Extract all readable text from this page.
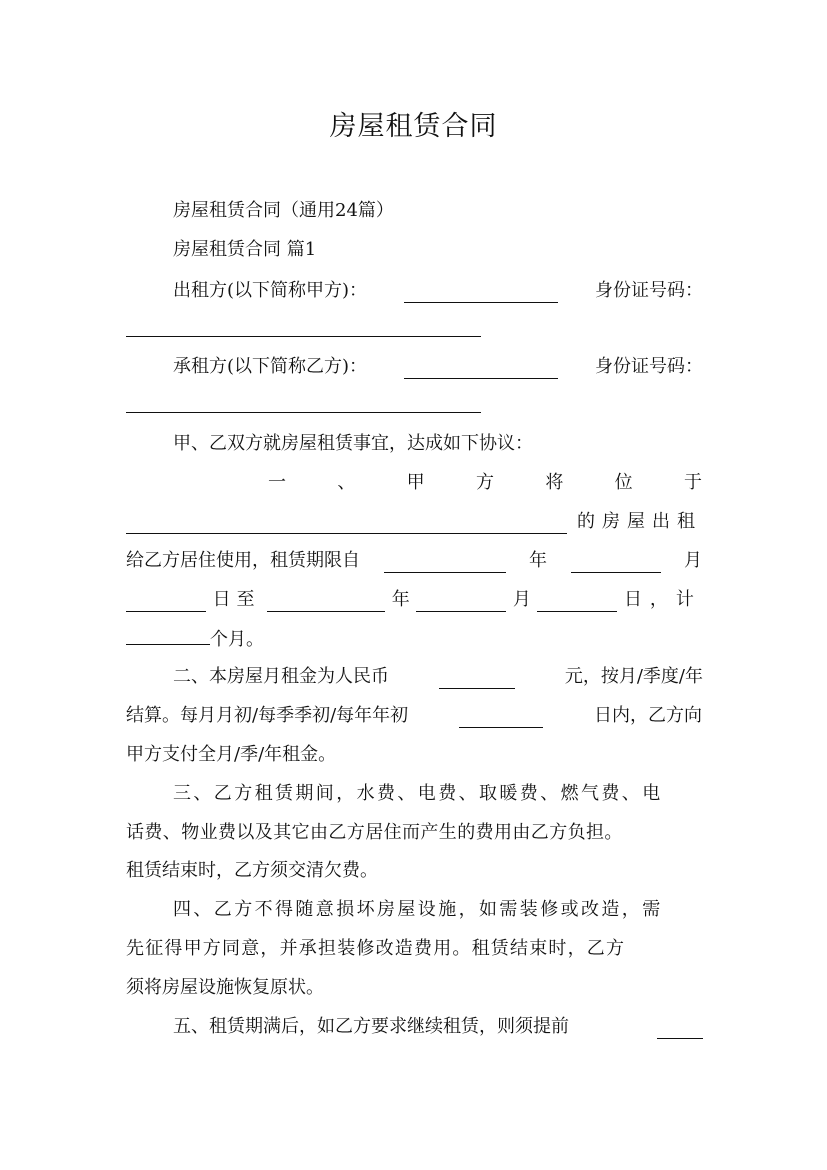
房屋租赁合同
房屋租赁合同（通用24篇）
房屋租赁合同 篇1
出租方(以下简称甲方)：	身份证号码：
承租方(以下简称乙方)：	身份证号码：
甲、乙双方就房屋租赁事宜，达成如下协议：
一	、	甲	方	将	位	于
的房屋出租
给乙方居住使用，租赁期限自	年	月
日至	年	月	日，计
个月。
二、本房屋月租金为人民币	元，按月/季度/年
结算。每月月初/每季季初/每年年初	日内，乙方向
甲方支付全月/季/年租金。
三、乙方租赁期间，水费、电费、取暖费、燃气费、电
话费、物业费以及其它由乙方居住而产生的费用由乙方负担。
租赁结束时，乙方须交清欠费。
四、乙方不得随意损坏房屋设施，如需装修或改造，需
先征得甲方同意，并承担装修改造费用。租赁结束时，乙方
须将房屋设施恢复原状。
五、租赁期满后，如乙方要求继续租赁，则须提前
